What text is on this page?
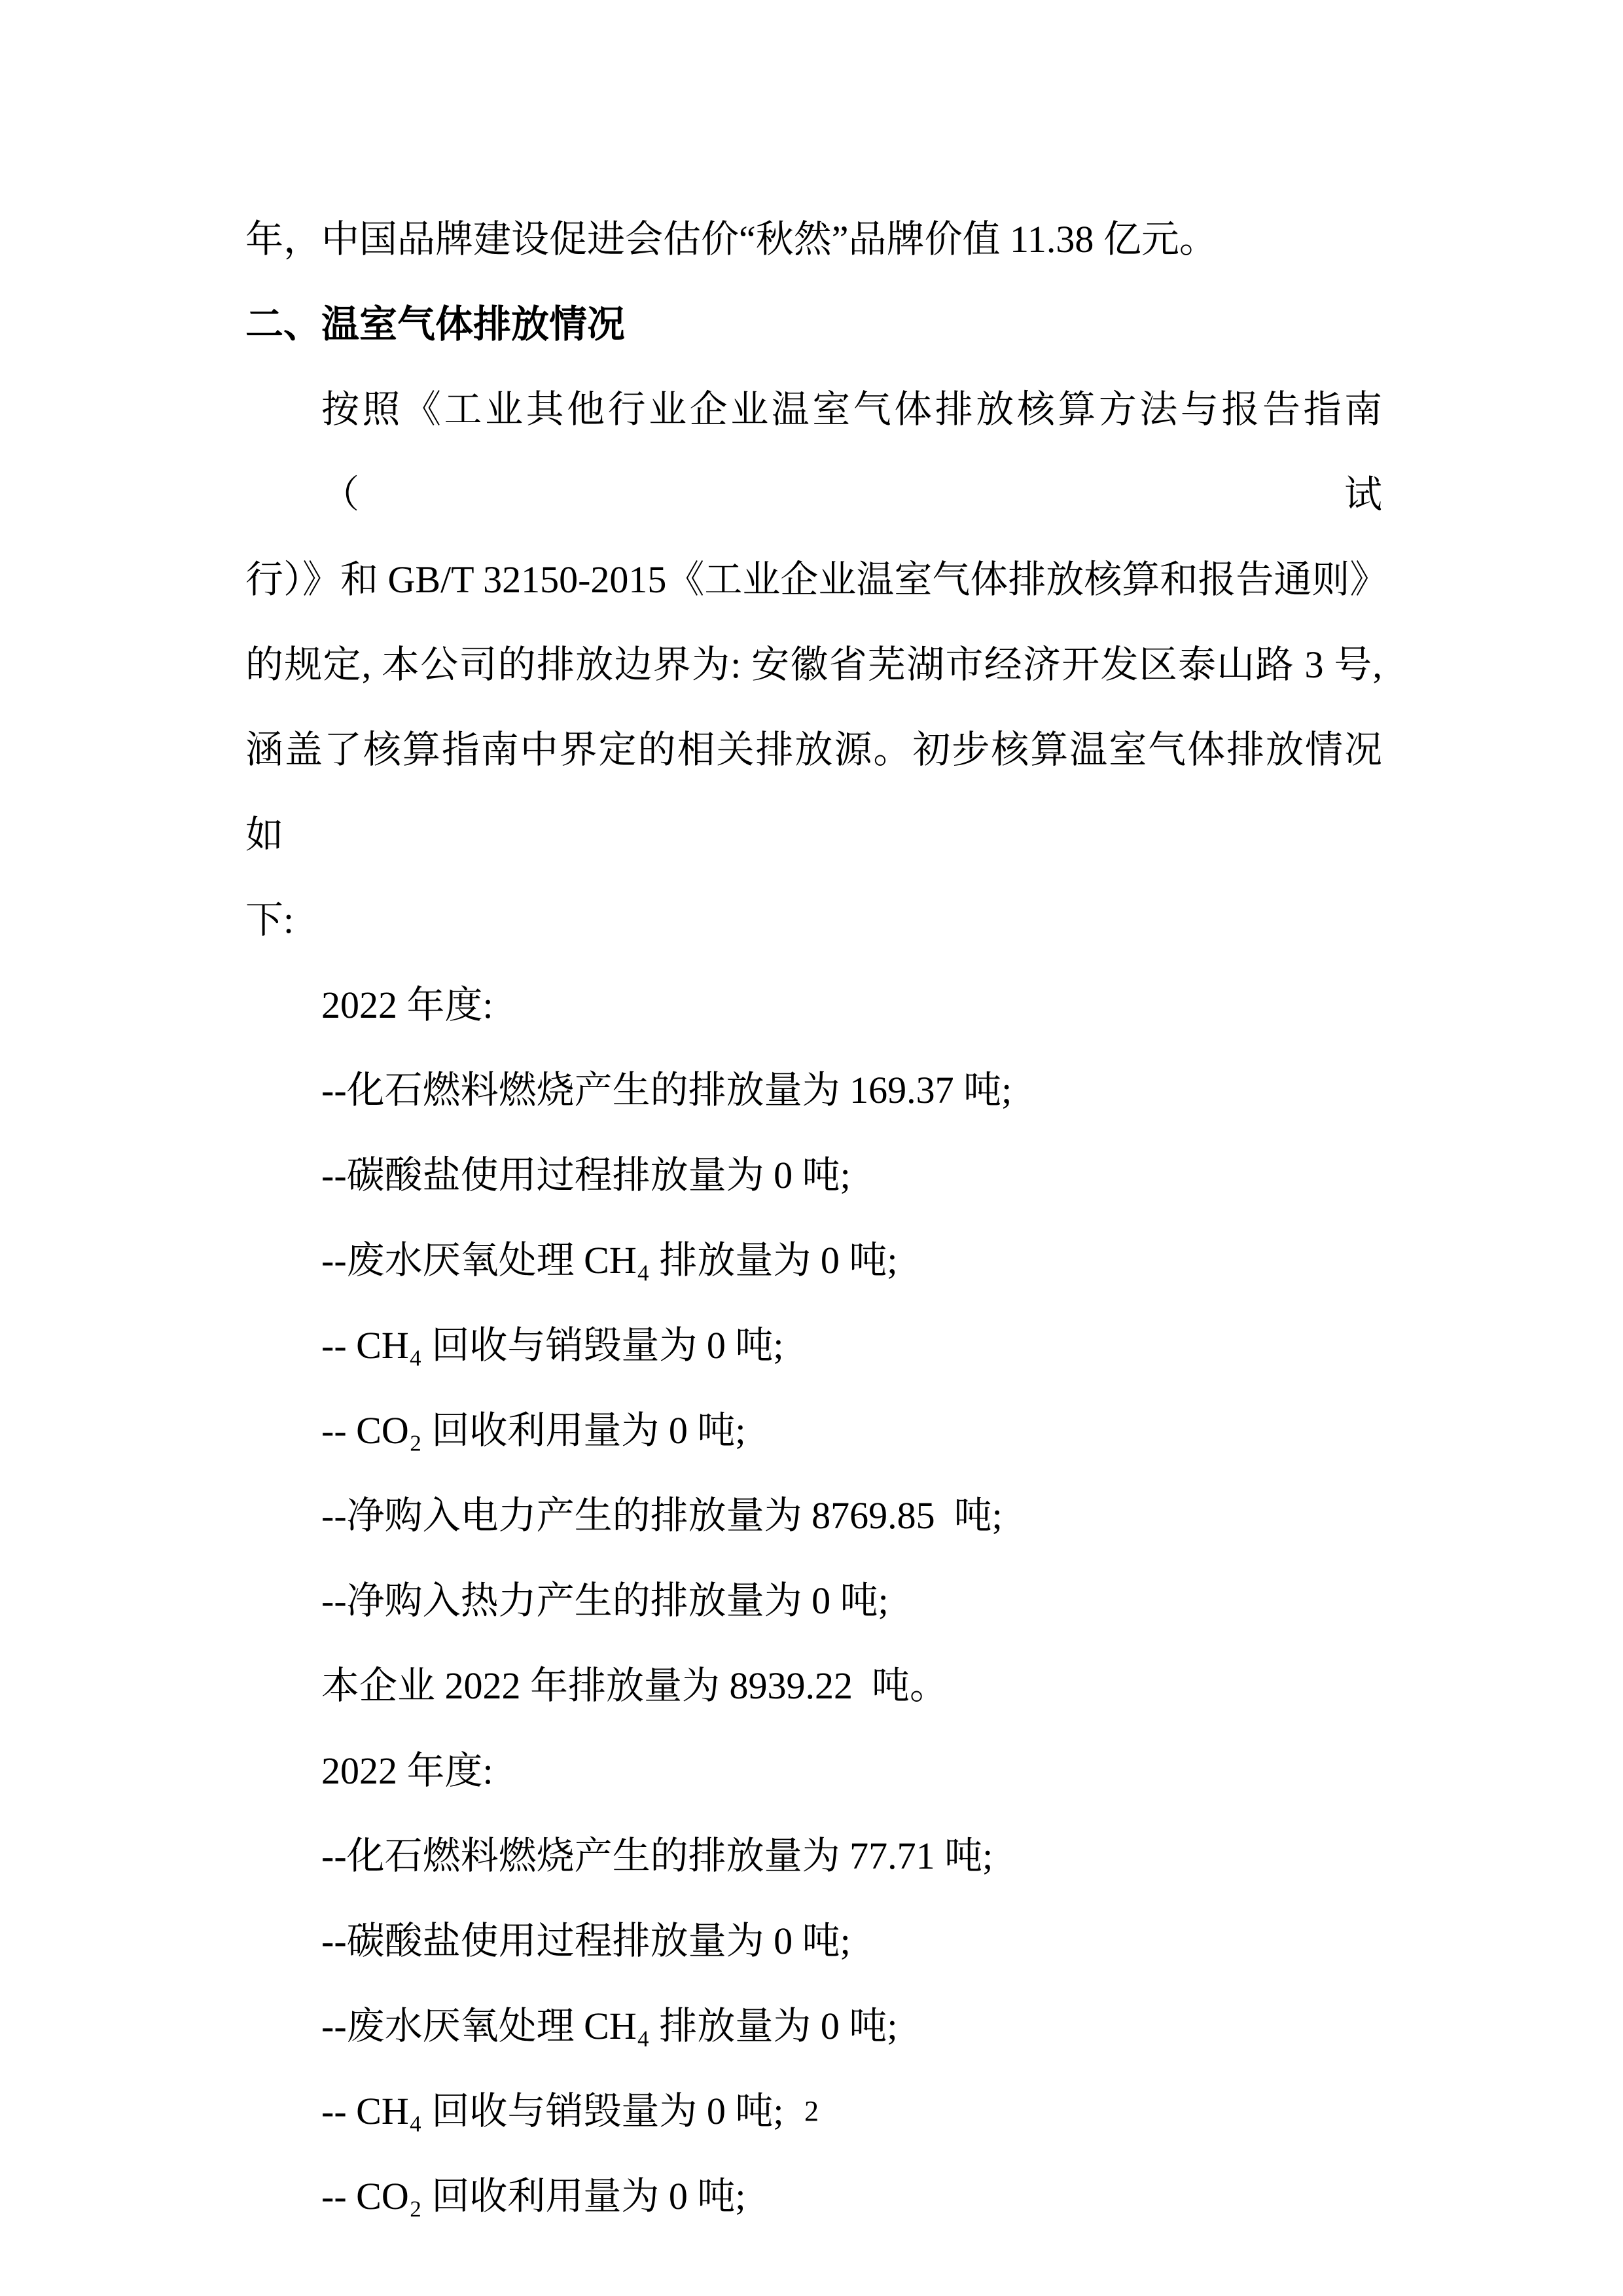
年，中国品牌建设促进会估价“秋然”品牌价值 11.38 亿元。
二、温室气体排放情况
按照《工业其他行业企业温室气体排放核算方法与报告指南（试
行）》和 GB/T 32150-2015《工业企业温室气体排放核算和报告通则》
的规定, 本公司的排放边界为: 安徽省芜湖市经济开发区泰山路 3 号,
涵盖了核算指南中界定的相关排放源。初步核算温室气体排放情况如
下:
2022 年度:
--化石燃料燃烧产生的排放量为 169.37 吨;
--碳酸盐使用过程排放量为 0 吨;
--废水厌氧处理 CH₄ 排放量为 0 吨;
-- CH₄ 回收与销毁量为 0 吨;
-- CO₂ 回收利用量为 0 吨;
--净购入电力产生的排放量为 8769.85  吨;
--净购入热力产生的排放量为 0 吨;
本企业 2022 年排放量为 8939.22  吨。
2022 年度:
--化石燃料燃烧产生的排放量为 77.71 吨;
--碳酸盐使用过程排放量为 0 吨;
--废水厌氧处理 CH₄ 排放量为 0 吨;
-- CH₄ 回收与销毁量为 0 吨;
-- CO₂ 回收利用量为 0 吨;
2
